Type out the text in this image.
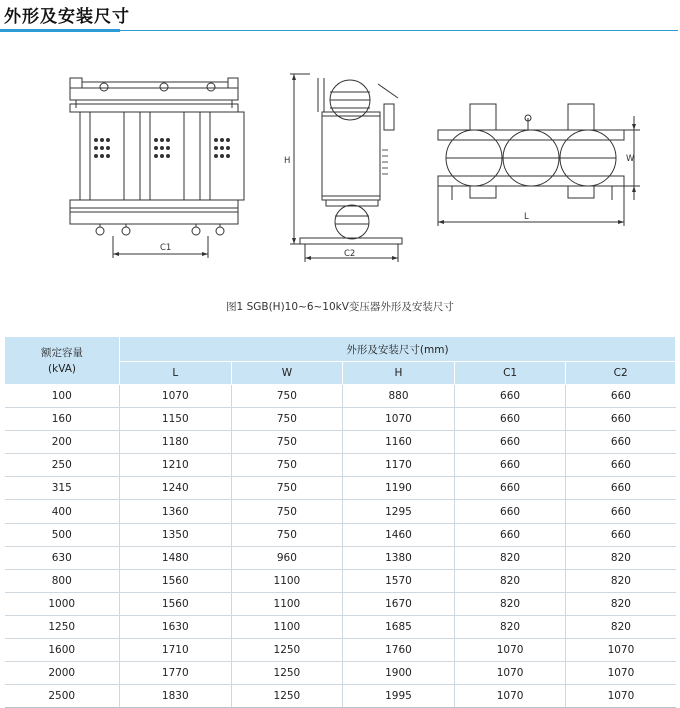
外形及安装尺寸
C1
H
C2
L
W
图1 SGB(H)10~6~10kV变压器外形及安装尺寸
额定容量
(kVA)	外形及安装尺寸(mm)				
	L	W	H	C1	C2
100	1070	750	880	660	660
160	1150	750	1070	660	660
200	1180	750	1160	660	660
250	1210	750	1170	660	660
315	1240	750	1190	660	660
400	1360	750	1295	660	660
500	1350	750	1460	660	660
630	1480	960	1380	820	820
800	1560	1100	1570	820	820
1000	1560	1100	1670	820	820
1250	1630	1100	1685	820	820
1600	1710	1250	1760	1070	1070
2000	1770	1250	1900	1070	1070
2500	1830	1250	1995	1070	1070
